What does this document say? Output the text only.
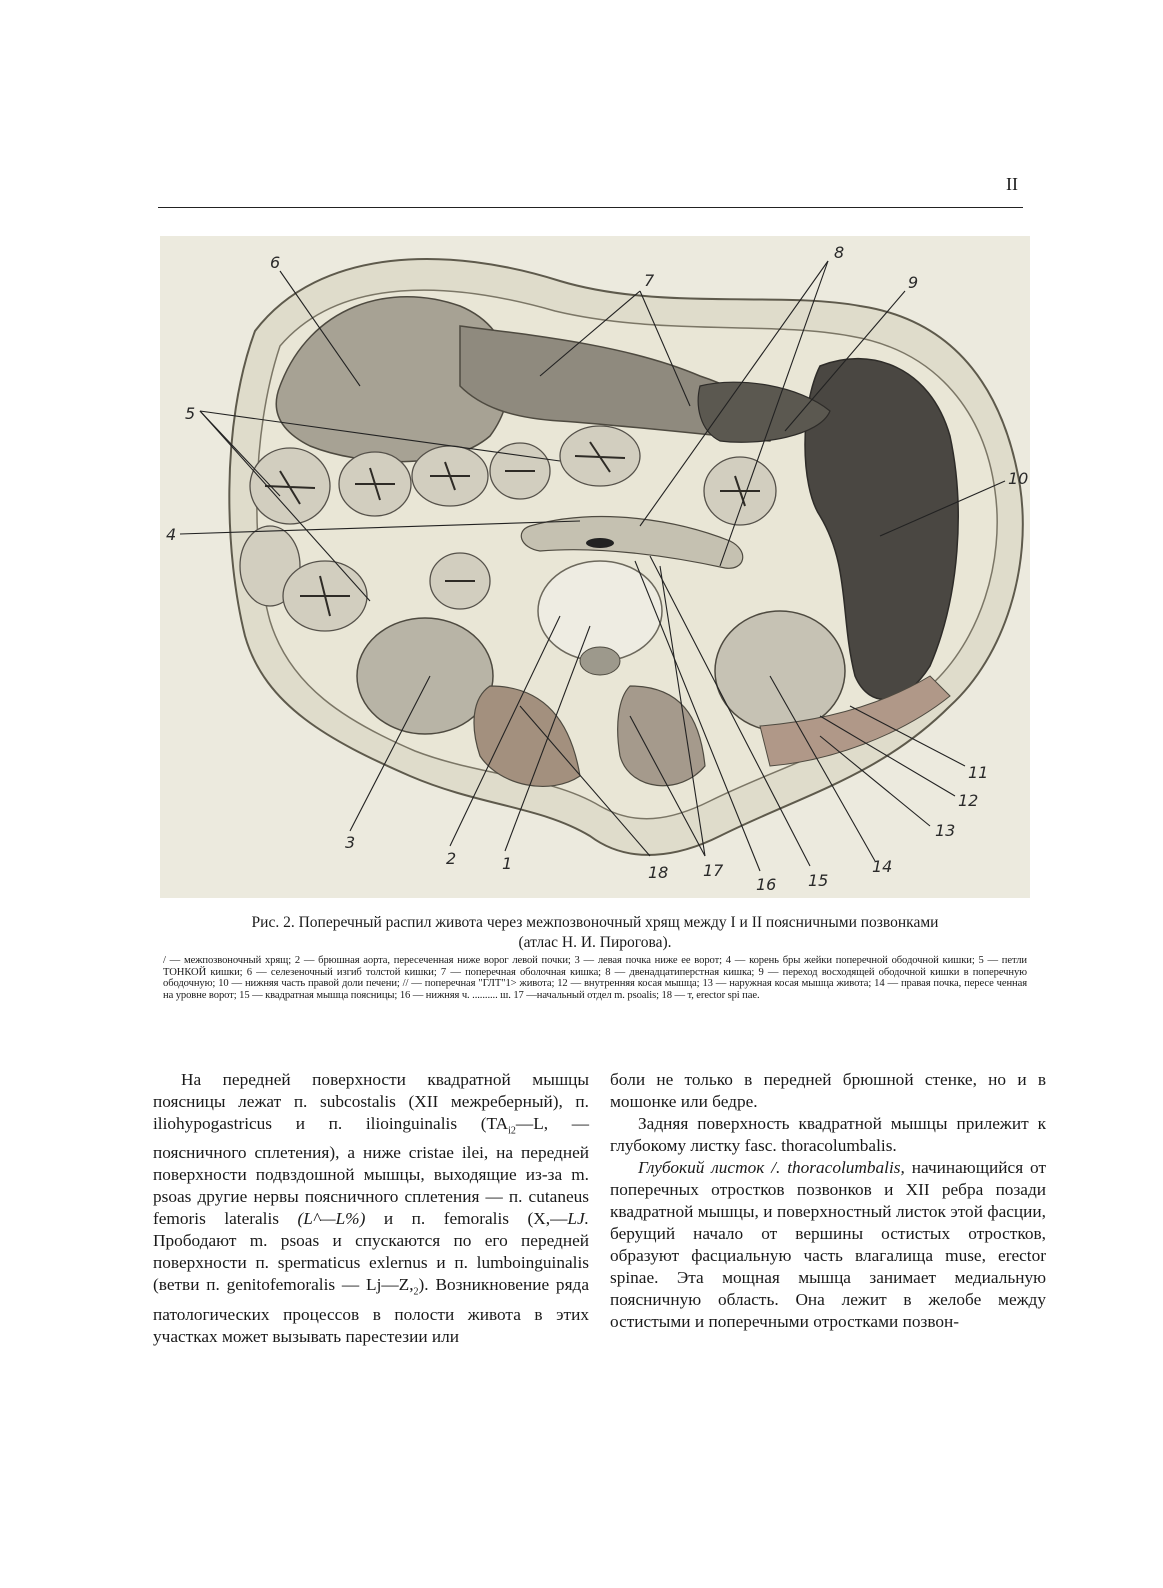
II
1
2
3
4
5
6
7
8
9
10
11
12
13
14
15
16
17
18
Рис. 2. Поперечный распил живота через межпозвоночный хрящ между I и II поясничными позвонками
(атлас Н. И. Пирогова).
/ — межпозвоночный хрящ; 2 — брюшная аорта, пересеченная ниже ворог левой почки; 3 — левая почка ниже ее ворот; 4 — корень бры жейки поперечной ободочной кишки; 5 — петли ТОНКОЙ кишки; 6 — селезеночный изгиб толстой кишки; 7 — поперечная оболочная кишка; 8 — двенадцатиперстная кишка; 9 — переход восходящей ободочной кишки в поперечную ободочную; 10 — нижняя часть правой доли печени; // — поперечная "ГЛТ"1> живота; 12 — внутренняя косая мышца; 13 — наружная косая мышца живота; 14 — правая почка, пересе ченная на уровне ворот; 15 — квадратная мышца поясницы; 16 — нижняя ч. .......... ш. 17 —начальный отдел m. psoalis; 18 — т, erector spi пае.

На передней поверхности квадратной мышцы поясницы лежат п. subcostalis (XII межреберный), п. iliohypogastricus и п. ilioinguinalis ($TA_{i2}—L$, — поясничного сплетения), а ниже cristae ilei, на передней поверхности подвздошной мышцы, выходящие из-за m. psoas другие нервы поясничного сплетения — п. cutaneus femoris lateralis (L^—L%) и п. femoralis (X,—LJ. Прободают m. psoas и спускаются по его передней поверхности п. spermaticus exlernus и п. lumboinguinalis (ветви п. genitofemoralis — $Lj—Z,_2$). Возникновение ряда патологических процессов в полости живота в этих участках может вызывать парестезии или

боли не только в передней брюшной стенке, но и в мошонке или бедре.

Задняя поверхность квадратной мышцы прилежит к глубокому листку fasc. thoracolumbalis.

Глубокий листок /. thoracolumbalis, начинающийся от поперечных отростков позвонков и XII ребра позади квадратной мышцы, и поверхностный листок этой фасции, берущий начало от вершины остистых отростков, образуют фасциальную часть влагалища muse, erector spinae. Эта мощная мышца занимает медиальную поясничную область. Она лежит в желобе между остистыми и поперечными отростками позвон-
